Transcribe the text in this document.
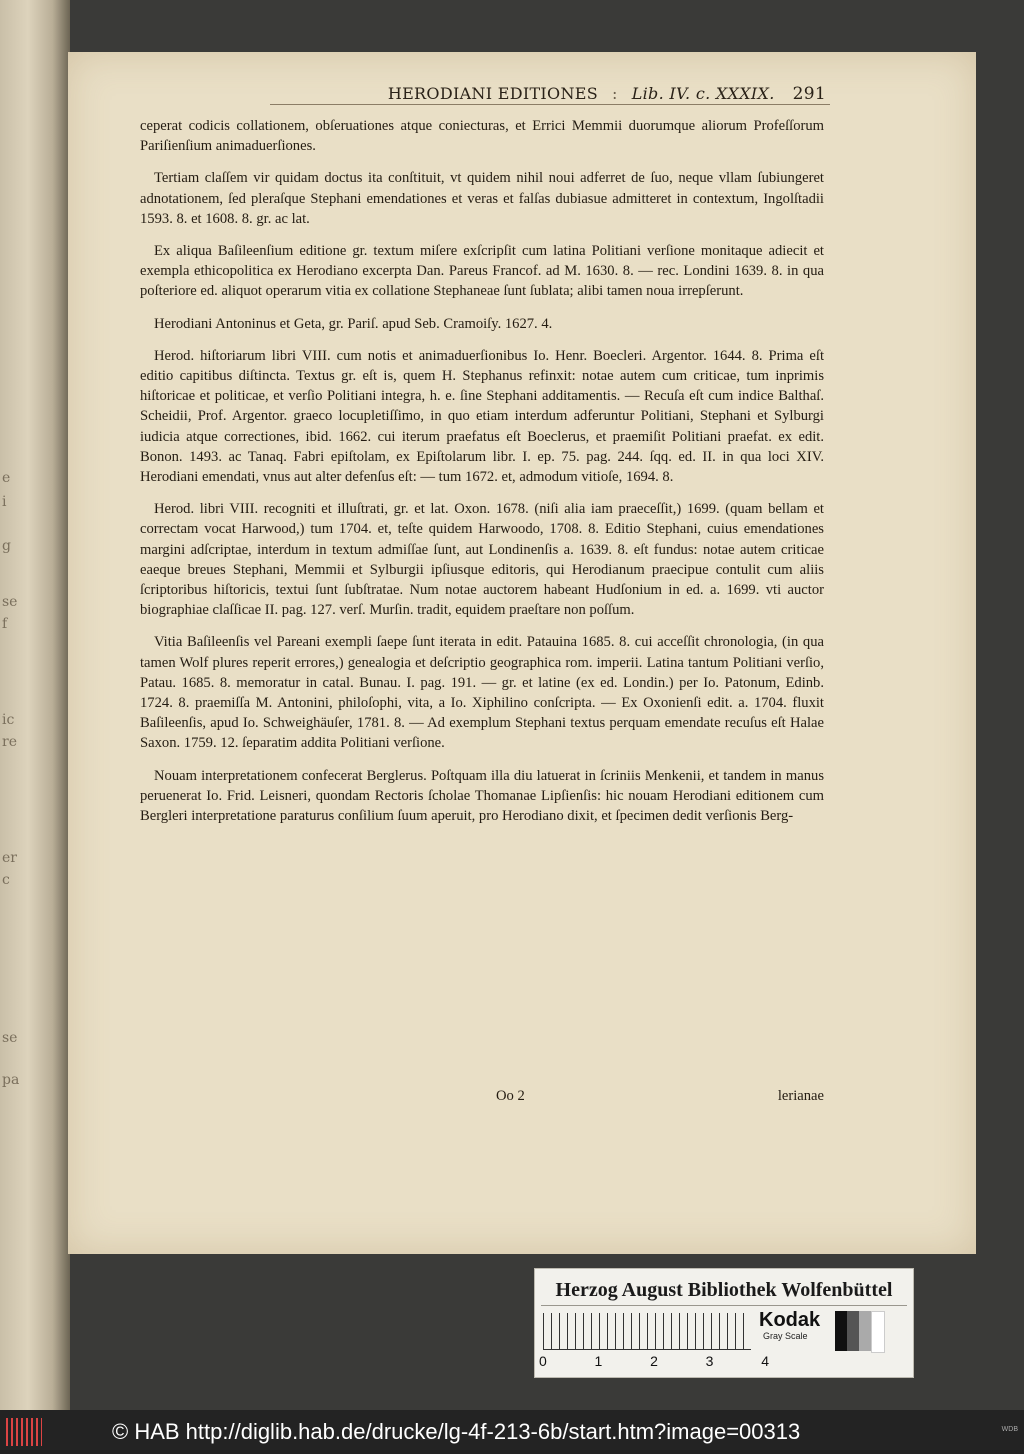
e
i
g
se
f
ic
re
er
c
se
pa
HERODIANI EDITIONES : Lib. IV. c. XXXIX. 291

ceperat codicis collationem, obſeruationes atque coniecturas, et Errici Memmii duorumque aliorum Profeſſorum Pariſienſium animaduerſiones.

Tertiam claſſem vir quidam doctus ita conſtituit, vt quidem nihil noui adferret de ſuo, neque vllam ſubiungeret adnotationem, ſed pleraſque Stephani emendationes et veras et falſas dubiasue admitteret in contextum, Ingolſtadii 1593. 8. et 1608. 8. gr. ac lat.

Ex aliqua Baſileenſium editione gr. textum miſere exſcripſit cum latina Politiani verſione monitaque adiecit et exempla ethicopolitica ex Herodiano excerpta Dan. Pareus Francof. ad M. 1630. 8. — rec. Londini 1639. 8. in qua poſteriore ed. aliquot operarum vitia ex collatione Stephaneae ſunt ſublata; alibi tamen noua irrepſerunt.

Herodiani Antoninus et Geta, gr. Pariſ. apud Seb. Cramoiſy. 1627. 4.

Herod. hiſtoriarum libri VIII. cum notis et animaduerſionibus Io. Henr. Boecleri. Argentor. 1644. 8. Prima eſt editio capitibus diſtincta. Textus gr. eſt is, quem H. Stephanus refinxit: notae autem cum criticae, tum inprimis hiſtoricae et politicae, et verſio Politiani integra, h. e. ſine Stephani additamentis. — Recuſa eſt cum indice Balthaſ. Scheidii, Prof. Argentor. graeco locupletiſſimo, in quo etiam interdum adferuntur Politiani, Stephani et Sylburgi iudicia atque correctiones, ibid. 1662. cui iterum praefatus eſt Boeclerus, et praemiſit Politiani praefat. ex edit. Bonon. 1493. ac Tanaq. Fabri epiſtolam, ex Epiſtolarum libr. I. ep. 75. pag. 244. ſqq. ed. II. in qua loci XIV. Herodiani emendati, vnus aut alter defenſus eſt: — tum 1672. et, admodum vitioſe, 1694. 8.

Herod. libri VIII. recogniti et illuſtrati, gr. et lat. Oxon. 1678. (niſi alia iam praeceſſit,) 1699. (quam bellam et correctam vocat Harwood,) tum 1704. et, teſte quidem Harwoodo, 1708. 8. Editio Stephani, cuius emendationes margini adſcriptae, interdum in textum admiſſae ſunt, aut Londinenſis a. 1639. 8. eſt fundus: notae autem criticae eaeque breues Stephani, Memmii et Sylburgii ipſiusque editoris, qui Herodianum praecipue contulit cum aliis ſcriptoribus hiſtoricis, textui ſunt ſubſtratae. Num notae auctorem habeant Hudſonium in ed. a. 1699. vti auctor biographiae claſſicae II. pag. 127. verſ. Murſin. tradit, equidem praeſtare non poſſum.

Vitia Baſileenſis vel Pareani exempli ſaepe ſunt iterata in edit. Patauina 1685. 8. cui acceſſit chronologia, (in qua tamen Wolf plures reperit errores,) genealogia et deſcriptio geographica rom. imperii. Latina tantum Politiani verſio, Patau. 1685. 8. memoratur in catal. Bunau. I. pag. 191. — gr. et latine (ex ed. Londin.) per Io. Patonum, Edinb. 1724. 8. praemiſſa M. Antonini, philoſophi, vita, a Io. Xiphilino conſcripta. — Ex Oxonienſi edit. a. 1704. fluxit Baſileenſis, apud Io. Schweighäuſer, 1781. 8. — Ad exemplum Stephani textus perquam emendate recuſus eſt Halae Saxon. 1759. 12. ſeparatim addita Politiani verſione.

Nouam interpretationem confecerat Berglerus. Poſtquam illa diu latuerat in ſcriniis Menkenii, et tandem in manus peruenerat Io. Frid. Leisneri, quondam Rectoris ſcholae Thomanae Lipſienſis: hic nouam Herodiani editionem cum Bergleri interpretatione paraturus conſilium ſuum aperuit, pro Herodiano dixit, et ſpecimen dedit verſionis Berg-

Oo 2	lerianae
Herzog August Bibliothek Wolfenbüttel
0	1	2	3	4
Kodak
Gray Scale
© HAB http://diglib.hab.de/drucke/lg-4f-213-6b/start.htm?image=00313	WDB
